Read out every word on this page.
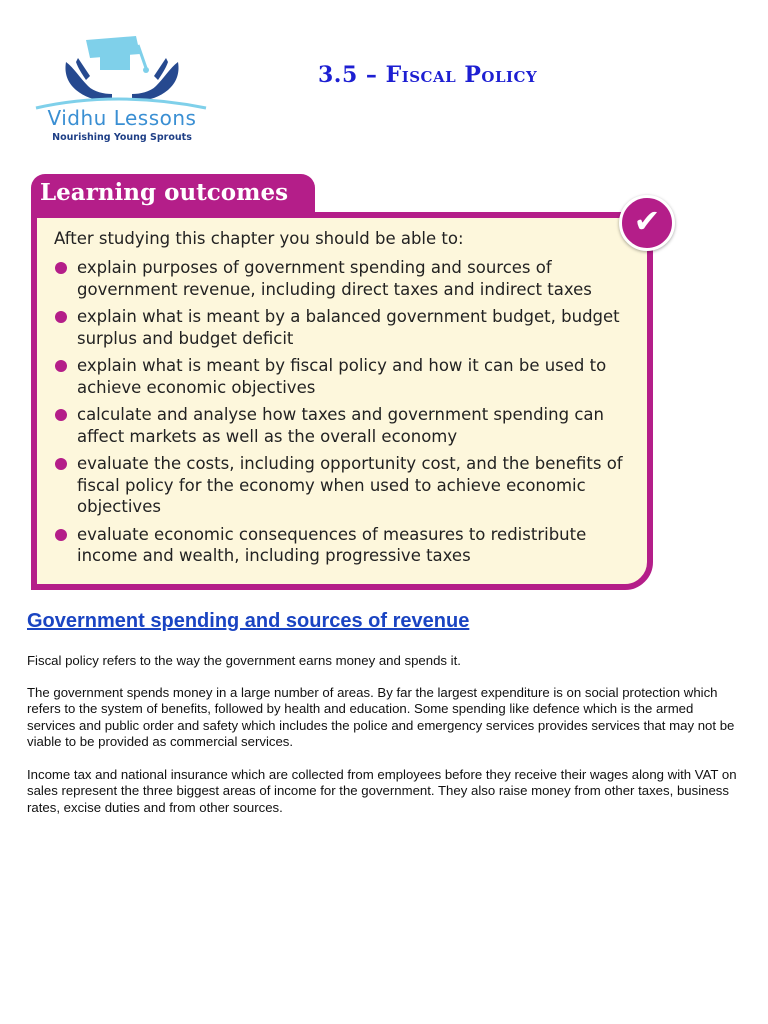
Vidhu Lessons
Nourishing Young Sprouts
3.5 – Fiscal Policy
Learning outcomes
✔

After studying this chapter you should be able to:

explain purposes of government spending and sources of government revenue, including direct taxes and indirect taxes
explain what is meant by a balanced government budget, budget surplus and budget deficit
explain what is meant by fiscal policy and how it can be used to achieve economic objectives
calculate and analyse how taxes and government spending can affect markets as well as the overall economy
evaluate the costs, including opportunity cost, and the benefits of fiscal policy for the economy when used to achieve economic objectives
evaluate economic consequences of measures to redistribute income and wealth, including progressive taxes
Government spending and sources of revenue

Fiscal policy refers to the way the government earns money and spends it.

The government spends money in a large number of areas. By far the largest expenditure is on social protection which refers to the system of benefits, followed by health and education. Some spending like defence which is the armed services and public order and safety which includes the police and emergency services provides services that may not be viable to be provided as commercial services.

Income tax and national insurance which are collected from employees before they receive their wages along with VAT on sales represent the three biggest areas of income for the government. They also raise money from other taxes, business rates, excise duties and from other sources.
